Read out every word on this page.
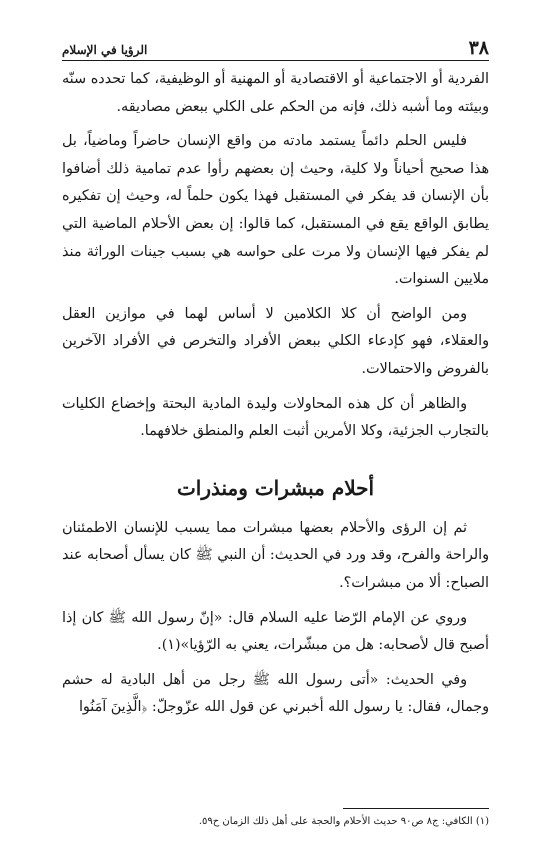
٣٨
الرؤيا في الإسلام

الفردية أو الاجتماعية أو الاقتصادية أو المهنية أو الوظيفية، كما تحدده سنّه وبيئته وما أشبه ذلك، فإنه من الحكم على الكلي ببعض مصاديقه.

فليس الحلم دائماً يستمد مادته من واقع الإنسان حاضراً وماضياً، بل هذا صحيح أحياناً ولا كلية، وحيث إن بعضهم رأوا عدم تمامية ذلك أضافوا بأن الإنسان قد يفكر في المستقبل فهذا يكون حلماً له، وحيث إن تفكيره يطابق الواقع يقع في المستقبل، كما قالوا: إن بعض الأحلام الماضية التي لم يفكر فيها الإنسان ولا مرت على حواسه هي بسبب جينات الوراثة منذ ملايين السنوات.

ومن الواضح أن كلا الكلامين لا أساس لهما في موازين العقل والعقلاء، فهو كإدعاء الكلي ببعض الأفراد والتخرص في الأفراد الآخرين بالفروض والاحتمالات.

والظاهر أن كل هذه المحاولات وليدة المادية البحتة وإخضاع الكليات بالتجارب الجزئية، وكلا الأمرين أثبت العلم والمنطق خلافهما.

أحلام مبشرات ومنذرات

ثم إن الرؤى والأحلام بعضها مبشرات مما يسبب للإنسان الاطمئنان والراحة والفرح، وقد ورد في الحديث: أن النبي ﷺ كان يسأل أصحابه عند الصباح: ألا من مبشرات؟.

وروي عن الإمام الرّضا عليه السلام قال: «إنّ رسول الله ﷺ كان إذا أصبح قال لأصحابه: هل من مبشّرات، يعني به الرّؤيا»(١).

وفي الحديث: «أتى رسول الله ﷺ رجل من أهل البادية له حشم وجمال، فقال: يا رسول الله أخبرني عن قول الله عزّوجلّ: ﴿الَّذِينَ آمَنُوا

(١) الكافي: ج٨ ص٩٠ حديث الأحلام والحجة على أهل ذلك الزمان ح٥٩.
